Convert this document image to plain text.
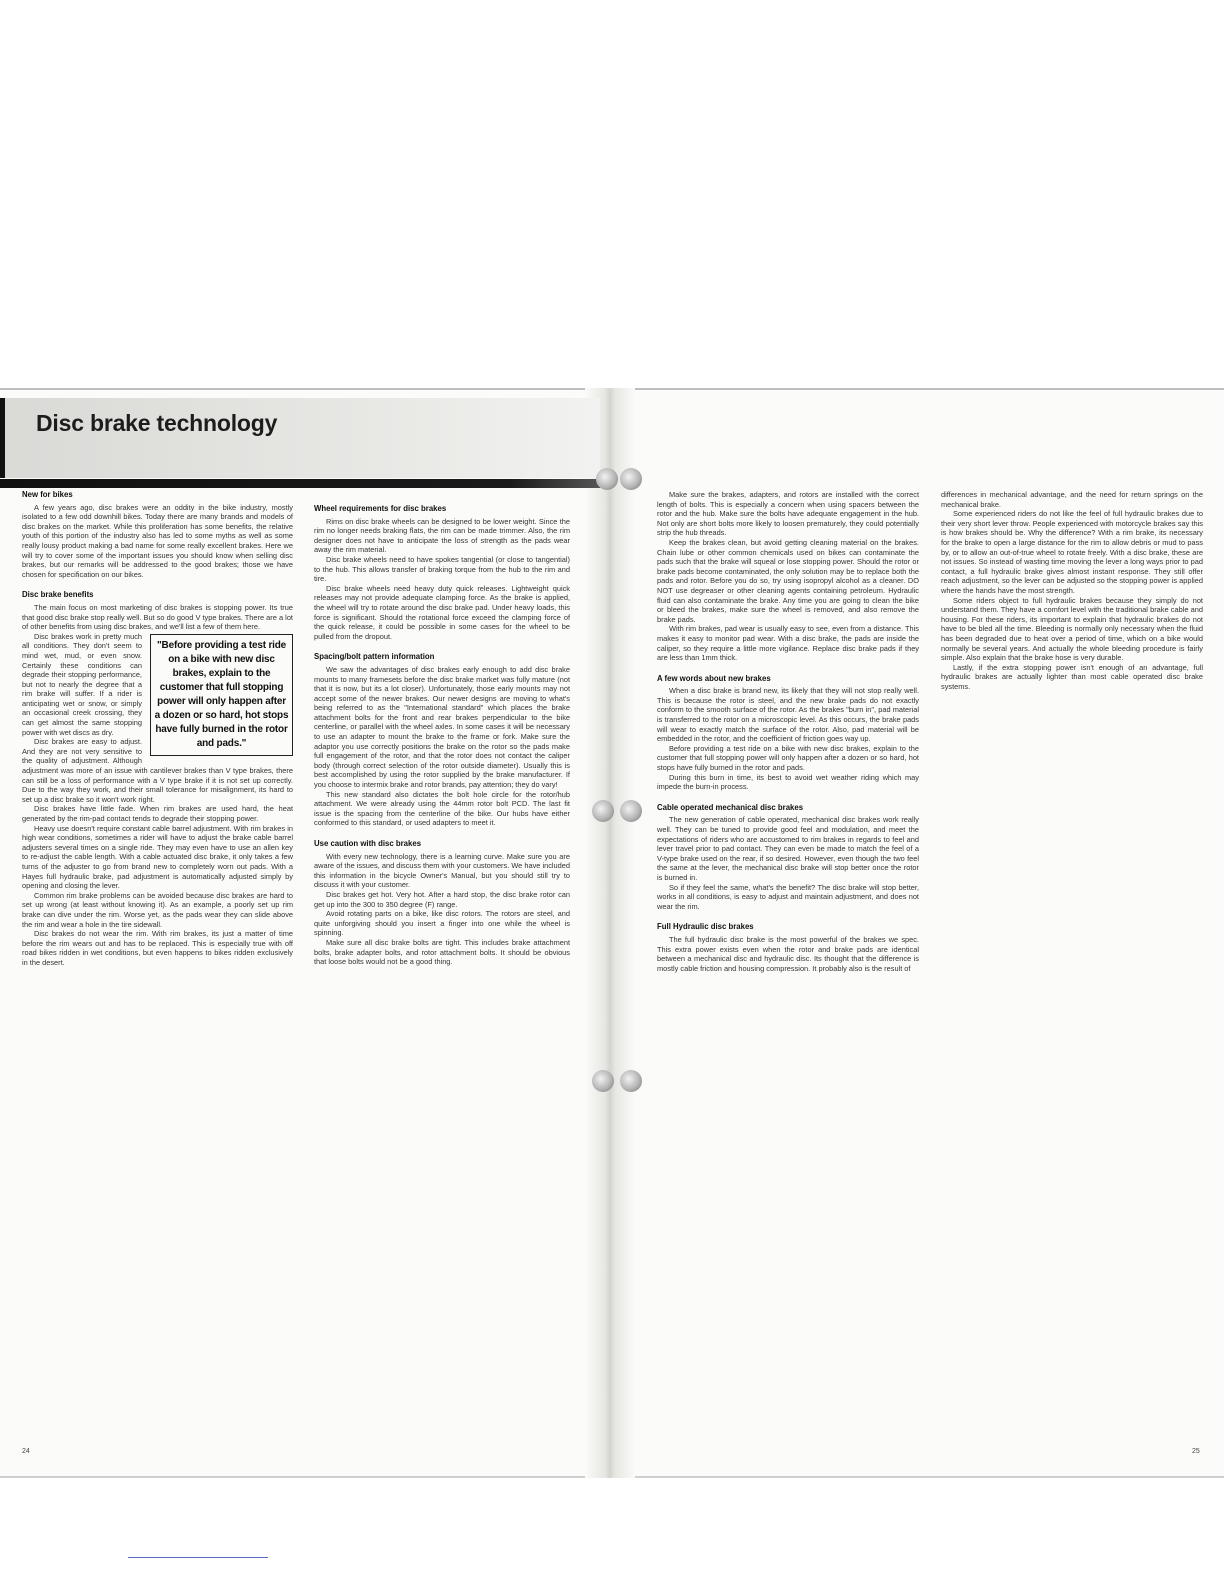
Disc brake technology
New for bikes

A few years ago, disc brakes were an oddity in the bike industry, mostly isolated to a few odd downhill bikes. Today there are many brands and models of disc brakes on the market. While this proliferation has some benefits, the relative youth of this portion of the industry also has led to some myths as well as some really lousy product making a bad name for some really excellent brakes. Here we will try to cover some of the important issues you should know when selling disc brakes, but our remarks will be addressed to the good brakes; those we have chosen for specification on our bikes.

Disc brake benefits

The main focus on most marketing of disc brakes is stopping power. Its true that good disc brake stop really well. But so do good V type brakes. There are a lot of other benefits from using disc brakes, and we'll list a few of them here.

"Before providing a test ride on a bike with new disc brakes, explain to the customer that full stopping power will only happen after a dozen or so hard, hot stops have fully burned in the rotor and pads."

Disc brakes work in pretty much all conditions. They don't seem to mind wet, mud, or even snow. Certainly these conditions can degrade their stopping performance, but not to nearly the degree that a rim brake will suffer. If a rider is anticipating wet or snow, or simply an occasional creek crossing, they can get almost the same stopping power with wet discs as dry.

Disc brakes are easy to adjust. And they are not very sensitive to the quality of adjustment. Although adjustment was more of an issue with cantilever brakes than V type brakes, there can still be a loss of performance with a V type brake if it is not set up correctly. Due to the way they work, and their small tolerance for misalignment, its hard to set up a disc brake so it won't work right.

Disc brakes have little fade. When rim brakes are used hard, the heat generated by the rim-pad contact tends to degrade their stopping power.

Heavy use doesn't require constant cable barrel adjustment. With rim brakes in high wear conditions, sometimes a rider will have to adjust the brake cable barrel adjusters several times on a single ride. They may even have to use an allen key to re-adjust the cable length. With a cable actuated disc brake, it only takes a few turns of the adjuster to go from brand new to completely worn out pads. With a Hayes full hydraulic brake, pad adjustment is automatically adjusted simply by opening and closing the lever.

Common rim brake problems can be avoided because disc brakes are hard to set up wrong (at least without knowing it). As an example, a poorly set up rim brake can dive under the rim. Worse yet, as the pads wear they can slide above the rim and wear a hole in the tire sidewall.

Disc brakes do not wear the rim. With rim brakes, its just a matter of time before the rim wears out and has to be replaced. This is especially true with off road bikes ridden in wet conditions, but even happens to bikes ridden exclusively in the desert.

Wheel requirements for disc brakes

Rims on disc brake wheels can be designed to be lower weight. Since the rim no longer needs braking flats, the rim can be made trimmer. Also, the rim designer does not have to anticipate the loss of strength as the pads wear away the rim material.

Disc brake wheels need to have spokes tangential (or close to tangential) to the hub. This allows transfer of braking torque from the hub to the rim and tire.

Disc brake wheels need heavy duty quick releases. Lightweight quick releases may not provide adequate clamping force. As the brake is applied, the wheel will try to rotate around the disc brake pad. Under heavy loads, this force is significant. Should the rotational force exceed the clamping force of the quick release, it could be possible in some cases for the wheel to be pulled from the dropout.

Spacing/bolt pattern information

We saw the advantages of disc brakes early enough to add disc brake mounts to many framesets before the disc brake market was fully mature (not that it is now, but its a lot closer). Unfortunately, those early mounts may not accept some of the newer brakes. Our newer designs are moving to what's being referred to as the "International standard" which places the brake attachment bolts for the front and rear brakes perpendicular to the bike centerline, or parallel with the wheel axles. In some cases it will be necessary to use an adapter to mount the brake to the frame or fork. Make sure the adaptor you use correctly positions the brake on the rotor so the pads make full engagement of the rotor, and that the rotor does not contact the caliper body (through correct selection of the rotor outside diameter). Usually this is best accomplished by using the rotor supplied by the brake manufacturer. If you choose to intermix brake and rotor brands, pay attention; they do vary!

This new standard also dictates the bolt hole circle for the rotor/hub attachment. We were already using the 44mm rotor bolt PCD. The last fit issue is the spacing from the centerline of the bike. Our hubs have either conformed to this standard, or used adapters to meet it.

Use caution with disc brakes

With every new technology, there is a learning curve. Make sure you are aware of the issues, and discuss them with your customers. We have included this information in the bicycle Owner's Manual, but you should still try to discuss it with your customer.

Disc brakes get hot. Very hot. After a hard stop, the disc brake rotor can get up into the 300 to 350 degree (F) range.

Avoid rotating parts on a bike, like disc rotors. The rotors are steel, and quite unforgiving should you insert a finger into one while the wheel is spinning.

Make sure all disc brake bolts are tight. This includes brake attachment bolts, brake adapter bolts, and rotor attachment bolts. It should be obvious that loose bolts would not be a good thing.

Make sure the brakes, adapters, and rotors are installed with the correct length of bolts. This is especially a concern when using spacers between the rotor and the hub. Make sure the bolts have adequate engagement in the hub. Not only are short bolts more likely to loosen prematurely, they could potentially strip the hub threads.

Keep the brakes clean, but avoid getting cleaning material on the brakes. Chain lube or other common chemicals used on bikes can contaminate the pads such that the brake will squeal or lose stopping power. Should the rotor or brake pads become contaminated, the only solution may be to replace both the pads and rotor. Before you do so, try using isopropyl alcohol as a cleaner. DO NOT use degreaser or other cleaning agents containing petroleum. Hydraulic fluid can also contaminate the brake. Any time you are going to clean the bike or bleed the brakes, make sure the wheel is removed, and also remove the brake pads.

With rim brakes, pad wear is usually easy to see, even from a distance. This makes it easy to monitor pad wear. With a disc brake, the pads are inside the caliper, so they require a little more vigilance. Replace disc brake pads if they are less than 1mm thick.

A few words about new brakes

When a disc brake is brand new, its likely that they will not stop really well. This is because the rotor is steel, and the new brake pads do not exactly conform to the smooth surface of the rotor. As the brakes "burn in", pad material is transferred to the rotor on a microscopic level. As this occurs, the brake pads will wear to exactly match the surface of the rotor. Also, pad material will be embedded in the rotor, and the coefficient of friction goes way up.

Before providing a test ride on a bike with new disc brakes, explain to the customer that full stopping power will only happen after a dozen or so hard, hot stops have fully burned in the rotor and pads.

During this burn in time, its best to avoid wet weather riding which may impede the burn-in process.

Cable operated mechanical disc brakes

The new generation of cable operated, mechanical disc brakes work really well. They can be tuned to provide good feel and modulation, and meet the expectations of riders who are accustomed to rim brakes in regards to feel and lever travel prior to pad contact. They can even be made to match the feel of a V-type brake used on the rear, if so desired. However, even though the two feel the same at the lever, the mechanical disc brake will stop better once the rotor is burned in.

So if they feel the same, what's the benefit? The disc brake will stop better, works in all conditions, is easy to adjust and maintain adjustment, and does not wear the rim.

Full Hydraulic disc brakes

The full hydraulic disc brake is the most powerful of the brakes we spec. This extra power exists even when the rotor and brake pads are identical between a mechanical disc and hydraulic disc. Its thought that the difference is mostly cable friction and housing compression. It probably also is the result of

differences in mechanical advantage, and the need for return springs on the mechanical brake.

Some experienced riders do not like the feel of full hydraulic brakes due to their very short lever throw. People experienced with motorcycle brakes say this is how brakes should be. Why the difference? With a rim brake, its necessary for the brake to open a large distance for the rim to allow debris or mud to pass by, or to allow an out-of-true wheel to rotate freely. With a disc brake, these are not issues. So instead of wasting time moving the lever a long ways prior to pad contact, a full hydraulic brake gives almost instant response. They still offer reach adjustment, so the lever can be adjusted so the stopping power is applied where the hands have the most strength.

Some riders object to full hydraulic brakes because they simply do not understand them. They have a comfort level with the traditional brake cable and housing. For these riders, its important to explain that hydraulic brakes do not have to be bled all the time. Bleeding is normally only necessary when the fluid has been degraded due to heat over a period of time, which on a bike would normally be several years. And actually the whole bleeding procedure is fairly simple. Also explain that the brake hose is very durable.

Lastly, if the extra stopping power isn't enough of an advantage, full hydraulic brakes are actually lighter than most cable operated disc brake systems.

24	25
